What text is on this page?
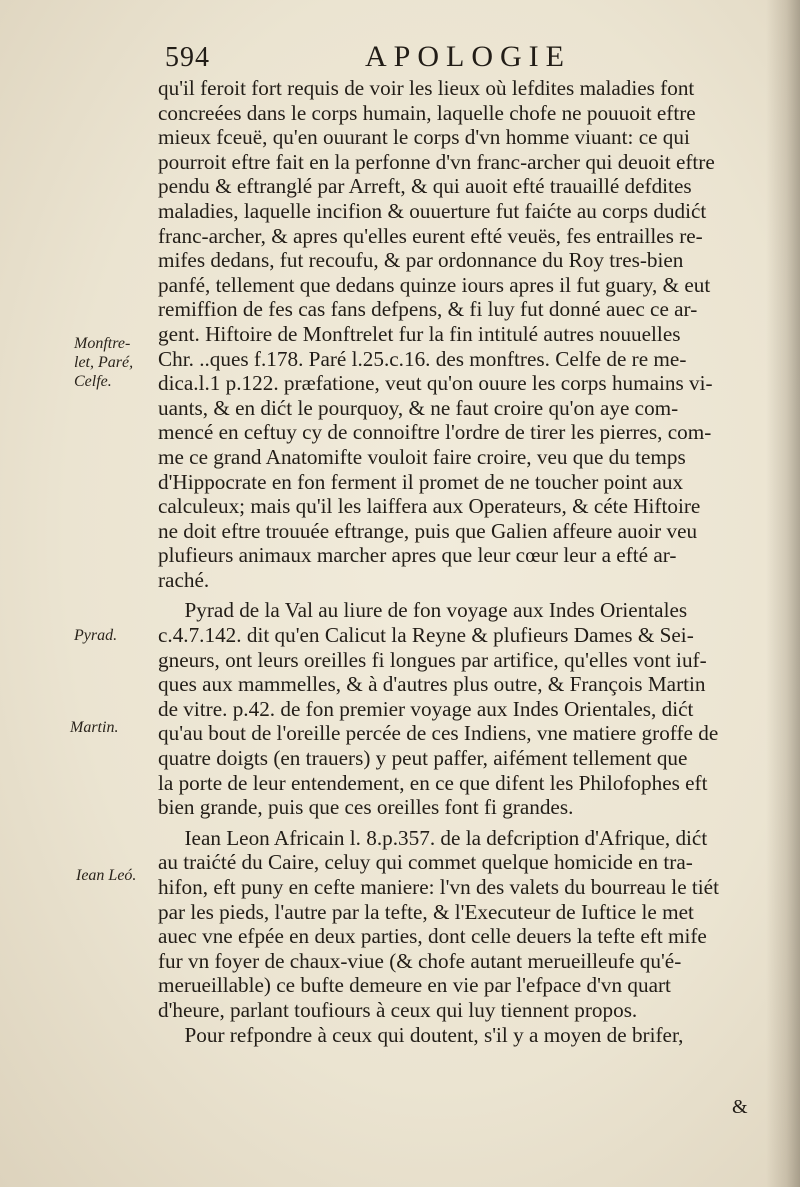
594	APOLOGIE
qu'il feroit fort requis de voir les lieux où lefdites maladies font
concreées dans le corps humain, laquelle chofe ne pouuoit eftre
mieux fceuë, qu'en ouurant le corps d'vn homme viuant: ce qui
pourroit eftre fait en la perfonne d'vn franc-archer qui deuoit eftre
pendu & eftranglé par Arreft, & qui auoit efté trauaillé defdites
maladies, laquelle incifion & ouuerture fut faićte au corps dudićt
franc-archer, & apres qu'elles eurent efté veuës, fes entrailles re-
mifes dedans, fut recoufu, & par ordonnance du Roy tres-bien
panfé, tellement que dedans quinze iours apres il fut guary, & eut
remiffion de fes cas fans defpens, & fi luy fut donné auec ce ar-
gent. Hiftoire de Monftrelet fur la fin intitulé autres nouuelles
Chr. ..ques f.178. Paré l.25.c.16. des monftres. Celfe de re me-
dica.l.1 p.122. præfatione, veut qu'on ouure les corps humains vi-
uants, & en dićt le pourquoy, & ne faut croire qu'on aye com-
mencé en ceftuy cy de connoiftre l'ordre de tirer les pierres, com-
me ce grand Anatomifte vouloit faire croire, veu que du temps
d'Hippocrate en fon ferment il promet de ne toucher point aux
calculeux; mais qu'il les laifferа aux Operateurs, & céte Hiftoire
ne doit eftre trouuée eftrange, puis que Galien affeure auoir veu
plufieurs animaux marcher apres que leur cœur leur a efté ar-
raché.
Pyrad de la Val au liure de fon voyage aux Indes Orientales
c.4.7.142. dit qu'en Calicut la Reyne & plufieurs Dames & Sei-
gneurs, ont leurs oreilles fi longues par artifice, qu'elles vont iuf-
ques aux mammelles, & à d'autres plus outre, & François Martin
de vitre. p.42. de fon premier voyage aux Indes Orientales, dićt
qu'au bout de l'oreille percée de ces Indiens, vne matiere groffe de
quatre doigts (en trauers) y peut paffer, aifément tellement que
la porte de leur entendement, en ce que difent les Philofophes eft
bien grande, puis que ces oreilles font fi grandes.
Iean Leon Africain l. 8.p.357. de la defcription d'Afrique, dićt
au traićté du Caire, celuy qui commet quelque homicide en tra-
hifon, eft puny en cefte maniere: l'vn des valets du bourreau le tiét
par les pieds, l'autre par la tefte, & l'Executeur de Iuftice le met
auec vne efpée en deux parties, dont celle deuers la tefte eft mife
fur vn foyer de chaux-viue (& chofe autant merueilleufe qu'é-
merueillable) ce bufte demeure en vie par l'efpace d'vn quart
d'heure, parlant toufiours à ceux qui luy tiennent propos.
Pour refpondre à ceux qui doutent, s'il y a moyen de brifer,
Monftre-
let, Paré,
Celfe.
Pyrad.
Martin.
Iean Leó.
&
